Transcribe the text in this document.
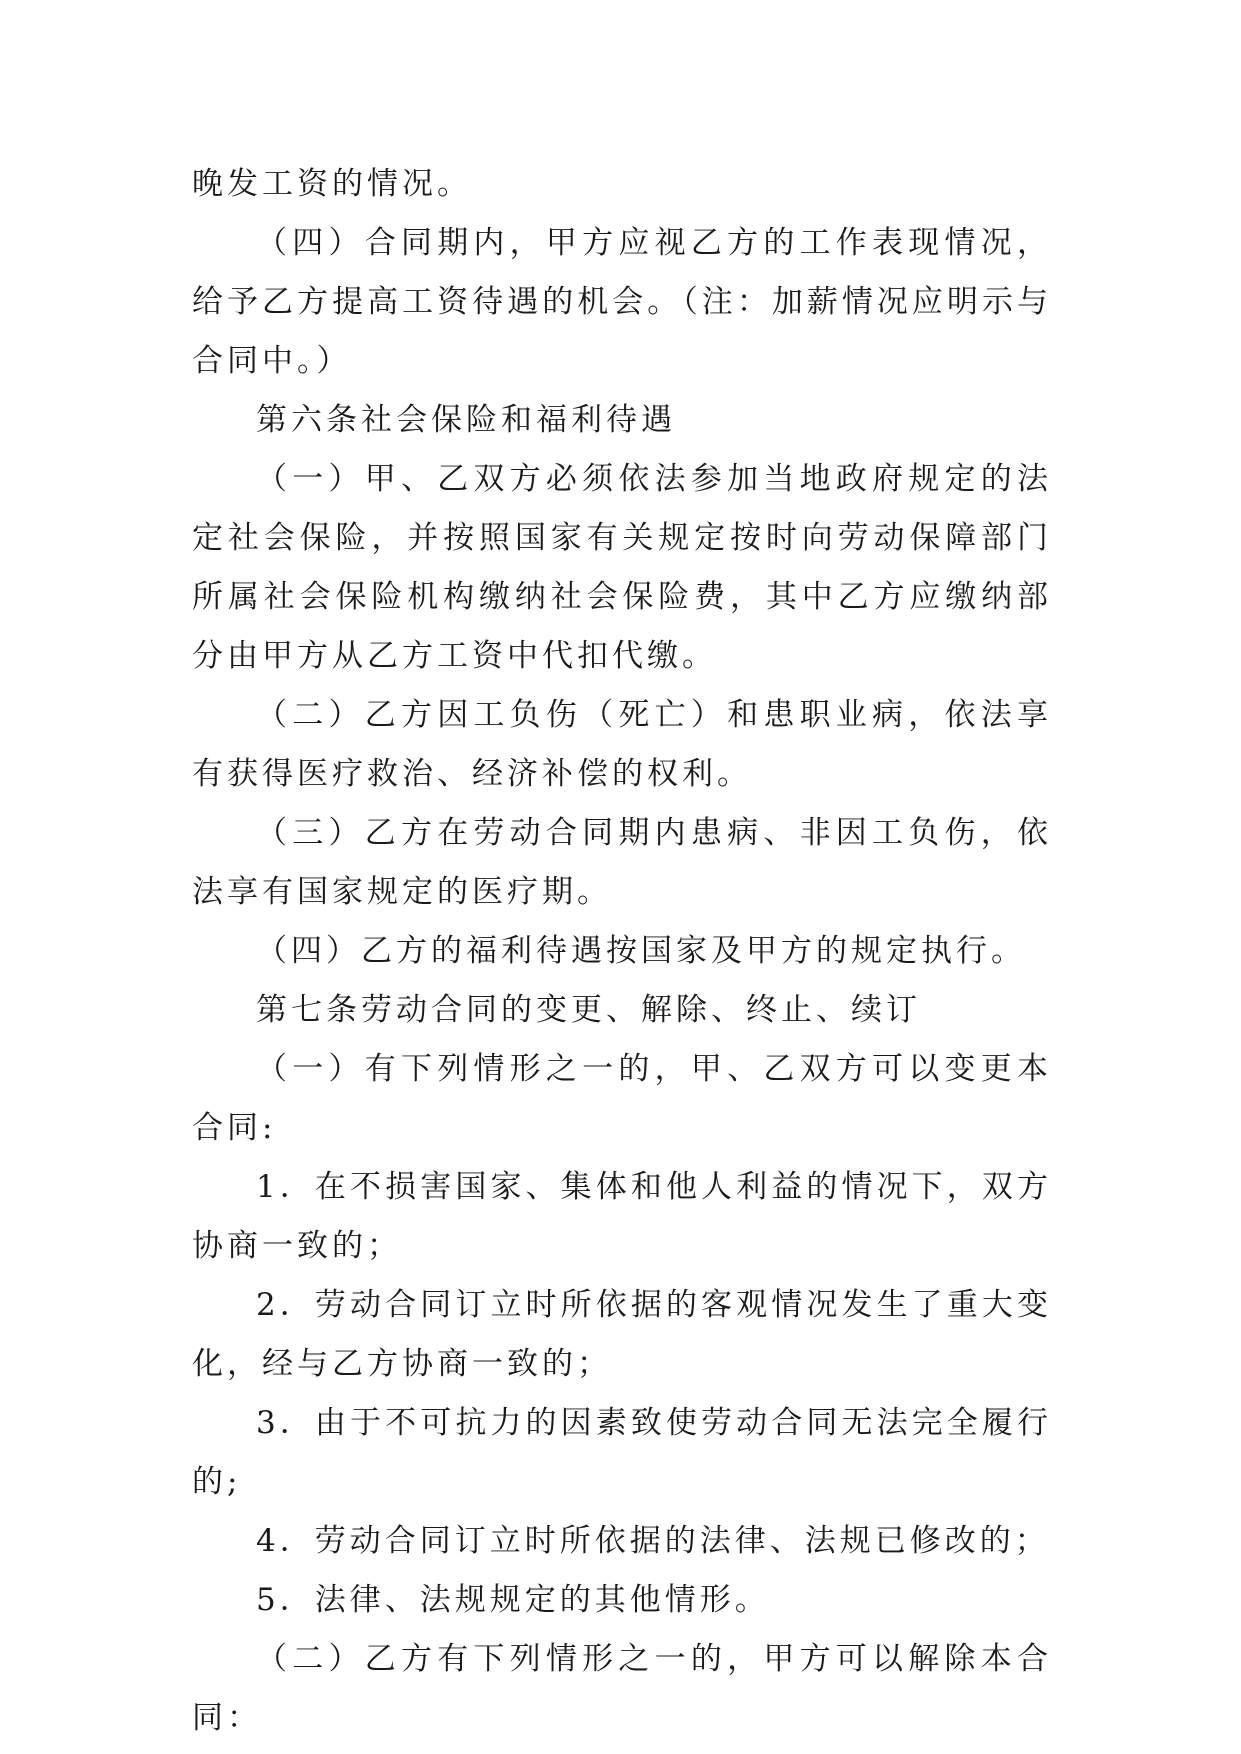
晚发工资的情况。

（四）合同期内，甲方应视乙方的工作表现情况，给予乙方提高工资待遇的机会。（注：加薪情况应明示与合同中。）

第六条社会保险和福利待遇

（一）甲、乙双方必须依法参加当地政府规定的法定社会保险，并按照国家有关规定按时向劳动保障部门所属社会保险机构缴纳社会保险费，其中乙方应缴纳部分由甲方从乙方工资中代扣代缴。

（二）乙方因工负伤（死亡）和患职业病，依法享有获得医疗救治、经济补偿的权利。

（三）乙方在劳动合同期内患病、非因工负伤，依法享有国家规定的医疗期。

（四）乙方的福利待遇按国家及甲方的规定执行。

第七条劳动合同的变更、解除、终止、续订

（一）有下列情形之一的，甲、乙双方可以变更本合同:

1．在不损害国家、集体和他人利益的情况下，双方协商一致的；

2．劳动合同订立时所依据的客观情况发生了重大变化，经与乙方协商一致的；

3．由于不可抗力的因素致使劳动合同无法完全履行的;

4．劳动合同订立时所依据的法律、法规已修改的；

5．法律、法规规定的其他情形。

（二）乙方有下列情形之一的，甲方可以解除本合同：
